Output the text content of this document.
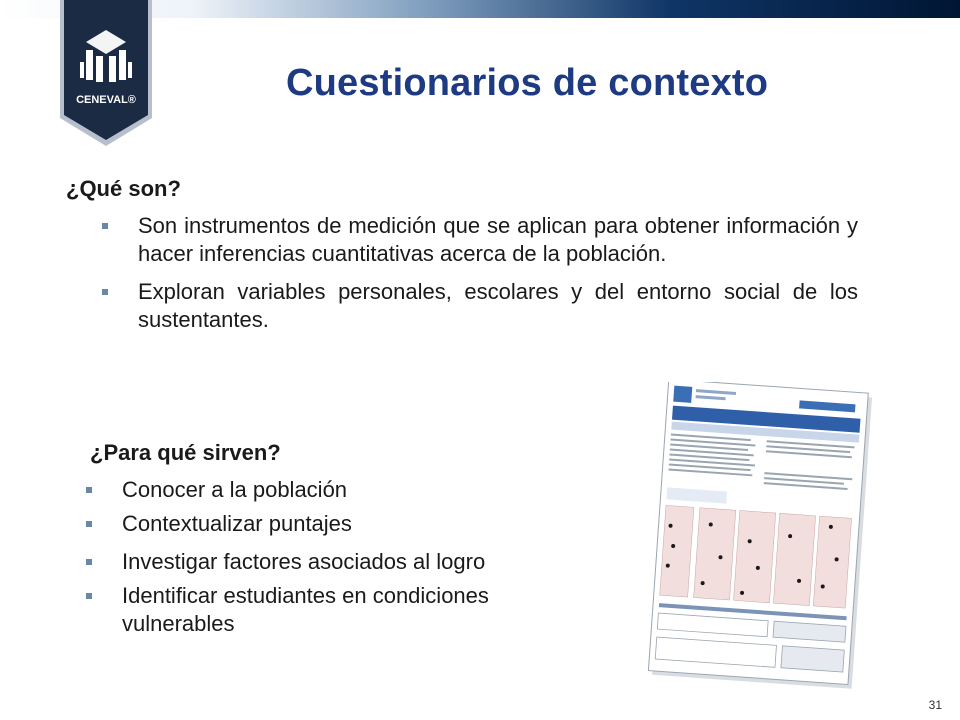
CENEVAL®	Cuestionarios de contexto
¿Qué son?
Son instrumentos de medición que se aplican para obtener información y hacer inferencias cuantitativas acerca de la población.
Exploran variables personales, escolares y del entorno social de los sustentantes.
¿Para qué sirven?
Conocer a la población
Contextualizar puntajes
Investigar factores asociados al logro
Identificar estudiantes en condiciones vulnerables
31
